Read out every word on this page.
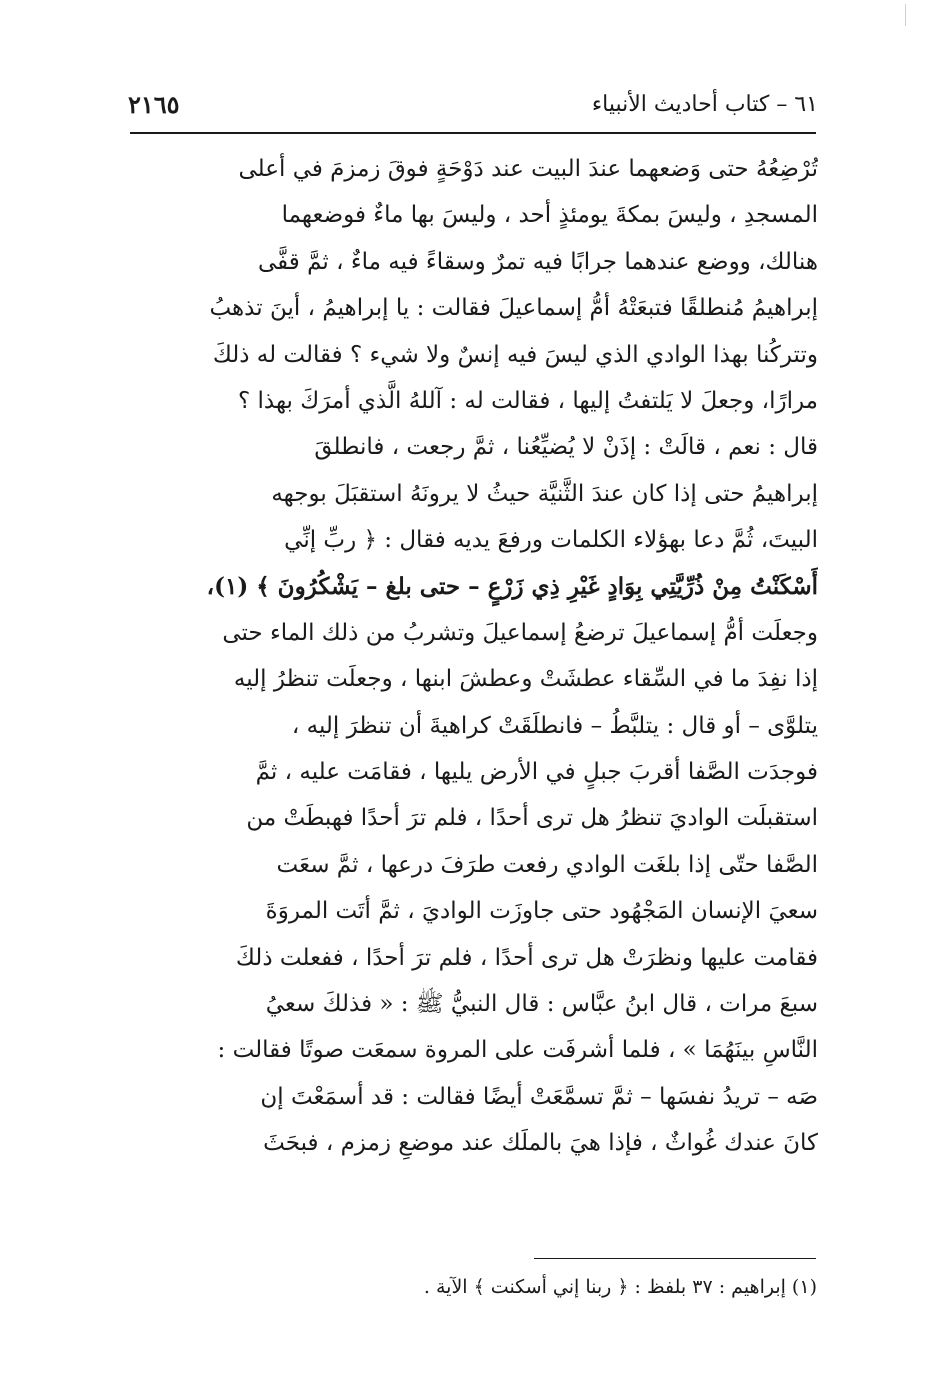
٦١ – كتاب أحاديث الأنبياء
٢١٦٥
تُرْضِعُهُ حتى وَضعهما عندَ البيت عند دَوْحَةٍ فوقَ زمزمَ في أعلى
المسجدِ ، وليسَ بمكةَ يومئذٍ أحد ، وليسَ بها ماءٌ فوضعهما
هنالك، ووضع عندهما جرابًا فيه تمرٌ وسقاءً فيه ماءٌ ، ثمَّ قفَّى
إبراهيمُ مُنطلقًا فتبعَتْهُ أمُّ إسماعيلَ فقالت : يا إبراهيمُ ، أينَ تذهبُ
وتتركُنا بهذا الوادي الذي ليسَ فيه إنسٌ ولا شيء ؟ فقالت له ذلكَ
مرارًا، وجعلَ لا يَلتفتُ إليها ، فقالت له : آللهُ الَّذي أمرَكَ بهذا ؟
قال : نعم ، قالَتْ : إذَنْ لا يُضيِّعُنا ، ثمَّ رجعت ، فانطلقَ
إبراهيمُ حتى إذا كان عندَ الثَّنيَّة حيثُ لا يرونَهُ استقبَلَ بوجهه
البيتَ، ثُمَّ دعا بهؤلاء الكلمات ورفعَ يديه فقال : ﴿ ربِّ إنِّي
أَسْكَنْتُ مِنْ ذُرِّيَّتِي بِوَادٍ غَيْرِ ذِي زَرْعٍ – حتى بلغ – يَشْكُرُونَ ﴾ (١)،
وجعلَت أمُّ إسماعيلَ ترضعُ إسماعيلَ وتشربُ من ذلك الماء حتى
إذا نفِدَ ما في السِّقاء عطشَتْ وعطشَ ابنها ، وجعلَت تنظرُ إليه
يتلوَّى – أو قال : يتلبَّطُ – فانطلَقَتْ كراهيةَ أن تنظرَ إليه ،
فوجدَت الصَّفا أقربَ جبلٍ في الأرض يليها ، فقامَت عليه ، ثمَّ
استقبلَت الواديَ تنظرُ هل ترى أحدًا ، فلم ترَ أحدًا فهبطَتْ من
الصَّفا حتّى إذا بلغَت الوادي رفعت طرَفَ درعها ، ثمَّ سعَت
سعيَ الإنسان المَجْهُود حتى جاوزَت الواديَ ، ثمَّ أتَت المروَةَ
فقامت عليها ونظرَتْ هل ترى أحدًا ، فلم ترَ أحدًا ، ففعلت ذلكَ
سبعَ مرات ، قال ابنُ عبَّاس : قال النبيُّ ﷺ : « فذلكَ سعيُ
النَّاسِ بينَهُمَا » ، فلما أشرفَت على المروة سمعَت صوتًا فقالت :
صَه – تريدُ نفسَها – ثمَّ تسمَّعَتْ أيضًا فقالت : قد أسمَعْتَ إن
كانَ عندك غُواثٌ ، فإذا هيَ بالملَك عند موضعِ زمزم ، فبحَثَ
(١) إبراهيم : ٣٧ بلفظ : ﴿ ربنا إني أسكنت ﴾ الآية .
